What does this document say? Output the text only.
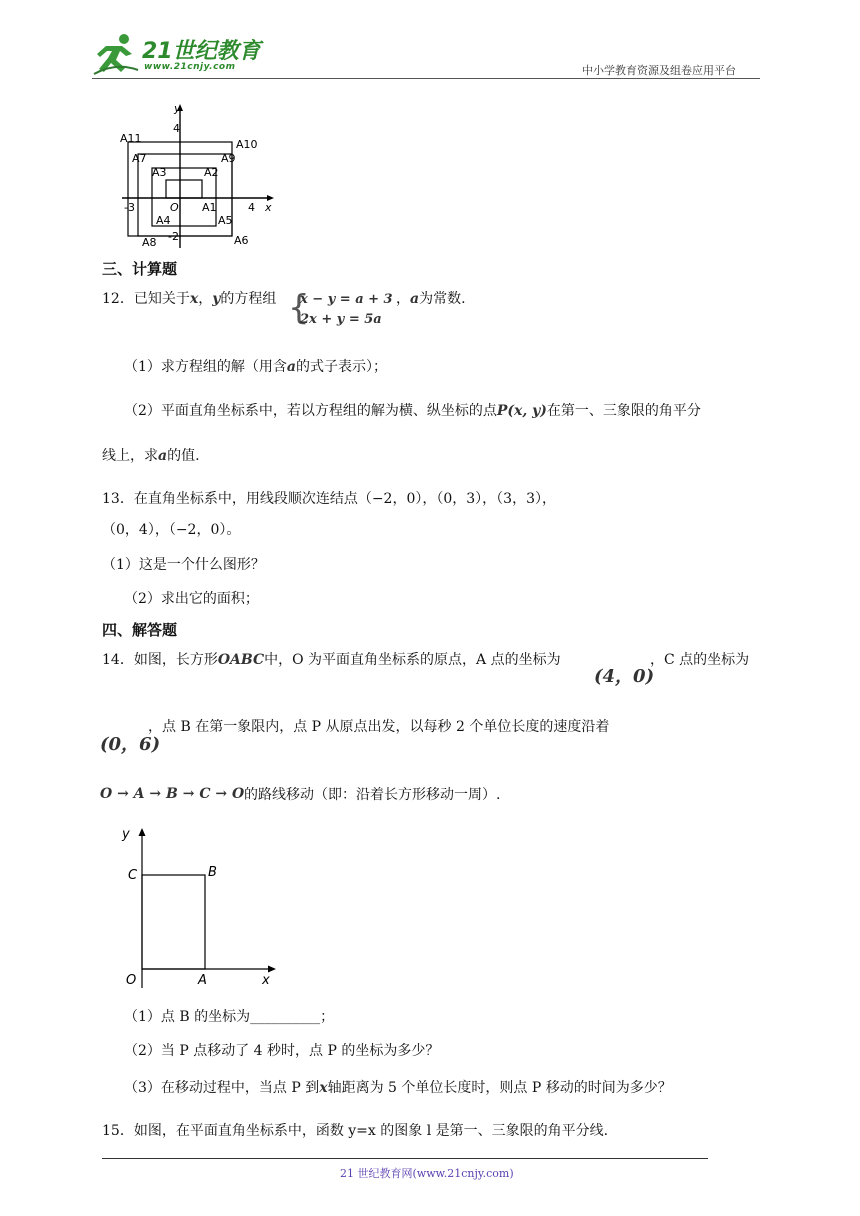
21世纪教育
www.21cnjy.com	中小学教育资源及组卷应用平台
y
4
A11	A10
A7	A9
A3	A2
O A1
-3	4 x
A4	A5
A8 -2	A6
三、计算题
12．已知关于x，y的方程组 {
x − y = a + 3
2x + y = 5a
，a为常数.
（1）求方程组的解（用含a的式子表示）；
（2）平面直角坐标系中，若以方程组的解为横、纵坐标的点P(x, y)在第一、三象限的角平分
线上，求a的值.
13．在直角坐标系中，用线段顺次连结点（−2，0），（0，3），（3，3），
（0，4），（−2，0）。
（1）这是一个什么图形？
（2）求出它的面积；
四、解答题
14．如图，长方形OABC中，O 为平面直角坐标系的原点，A 点的坐标为
(4，0)
，C 点的坐标为
(0，6)
，点 B 在第一象限内，点 P 从原点出发，以每秒 2 个单位长度的速度沿着
O → A → B → C → O 的路线移动（即：沿着长方形移动一周）.
y
C	B
O	A	x
（1）点 B 的坐标为__________；
（2）当 P 点移动了 4 秒时，点 P 的坐标为多少？
（3）在移动过程中，当点 P 到x轴距离为 5 个单位长度时，则点 P 移动的时间为多少？
15．如图，在平面直角坐标系中，函数 y=x 的图象 l 是第一、三象限的角平分线.
21 世纪教育网(www.21cnjy.com)
